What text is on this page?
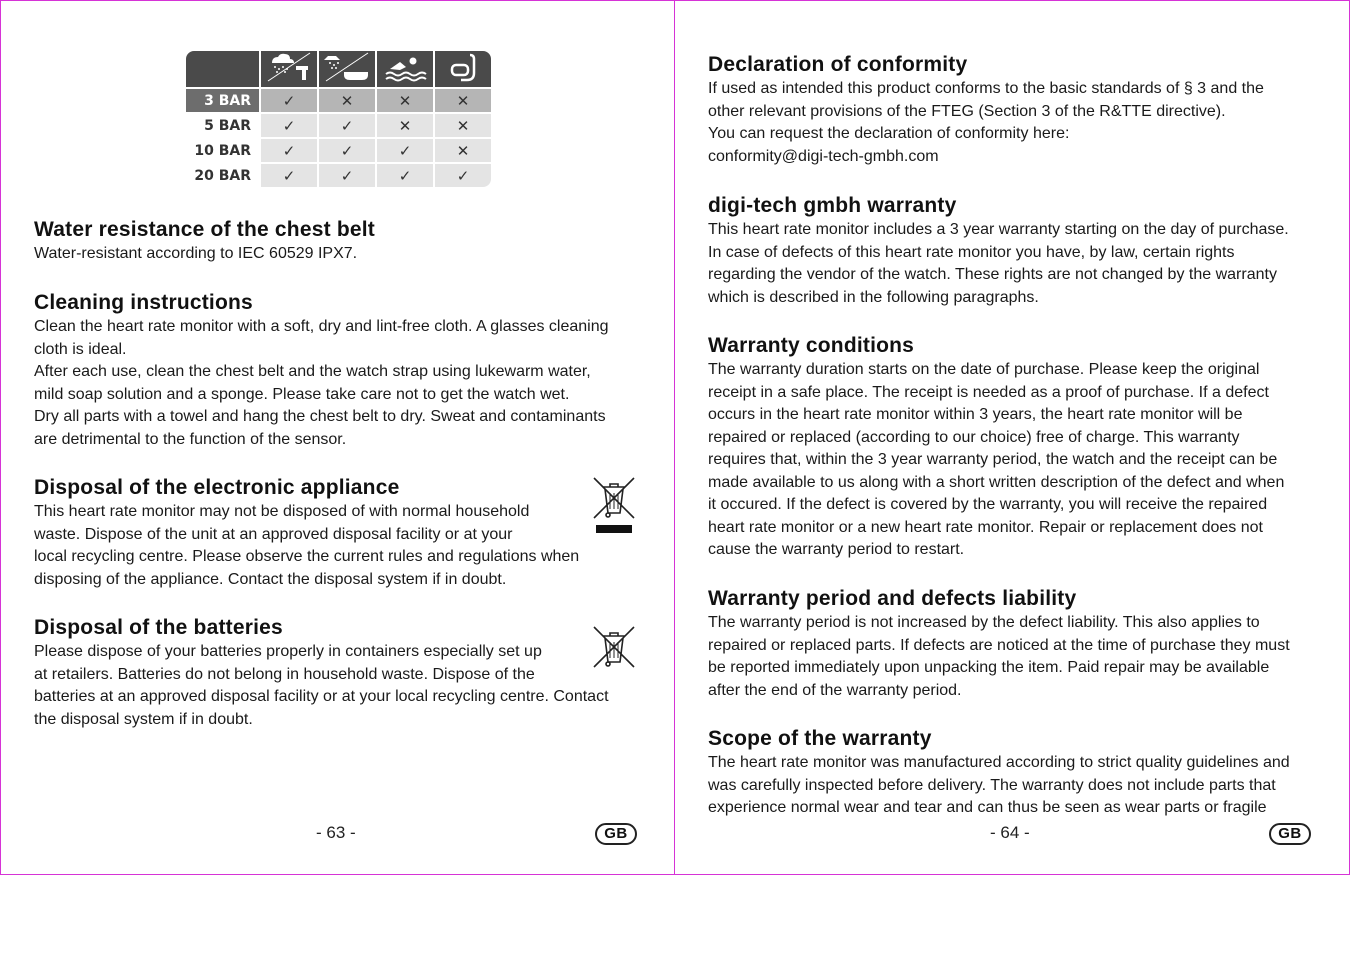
3 BAR	✓	✕	✕	✕
5 BAR	✓	✓	✕	✕
10 BAR	✓	✓	✓	✕
20 BAR	✓	✓	✓	✓
Water resistance of the chest belt

Water-resistant according to IEC 60529 IPX7.

Cleaning instructions

Clean the heart rate monitor with a soft, dry and lint-free cloth. A glasses cleaning

cloth is ideal.

After each use, clean the chest belt and the watch strap using lukewarm water,

mild soap solution and a sponge. Please take care not to get the watch wet.

Dry all parts with a towel and hang the chest belt to dry. Sweat and contaminants

are detrimental to the function of the sensor.

Disposal of the electronic appliance

This heart rate monitor may not be disposed of with normal household

waste. Dispose of the unit at an approved disposal facility or at your

local recycling centre. Please observe the current rules and regulations when

disposing of the appliance. Contact the disposal system if in doubt.

Disposal of the batteries

Please dispose of your batteries properly in containers especially set up

at retailers. Batteries do not belong in household waste. Dispose of the

batteries at an approved disposal facility or at your local recycling centre. Contact

the disposal system if in doubt.

- 63 -	GB
Declaration of conformity

If used as intended this product conforms to the basic standards of § 3 and the

other relevant provisions of the FTEG (Section 3 of the R&TTE directive).

You can request the declaration of conformity here:

conformity@digi-tech-gmbh.com

digi-tech gmbh warranty

This heart rate monitor includes a 3 year warranty starting on the day of purchase.

In case of defects of this heart rate monitor you have, by law, certain rights

regarding the vendor of the watch. These rights are not changed by the warranty

which is described in the following paragraphs.

Warranty conditions

The warranty duration starts on the date of purchase. Please keep the original

receipt in a safe place. The receipt is needed as a proof of purchase. If a defect

occurs in the heart rate monitor within 3 years, the heart rate monitor will be

repaired or replaced (according to our choice) free of charge. This warranty

requires that, within the 3 year warranty period, the watch and the receipt can be

made available to us along with a short written description of the defect and when

it occured. If the defect is covered by the warranty, you will receive the repaired

heart rate monitor or a new heart rate monitor. Repair or replacement does not

cause the warranty period to restart.

Warranty period and defects liability

The warranty period is not increased by the defect liability. This also applies to

repaired or replaced parts. If defects are noticed at the time of purchase they must

be reported immediately upon unpacking the item. Paid repair may be available

after the end of the warranty period.

Scope of the warranty

The heart rate monitor was manufactured according to strict quality guidelines and

was carefully inspected before delivery. The warranty does not include parts that

experience normal wear and tear and can thus be seen as wear parts or fragile

- 64 -	GB
